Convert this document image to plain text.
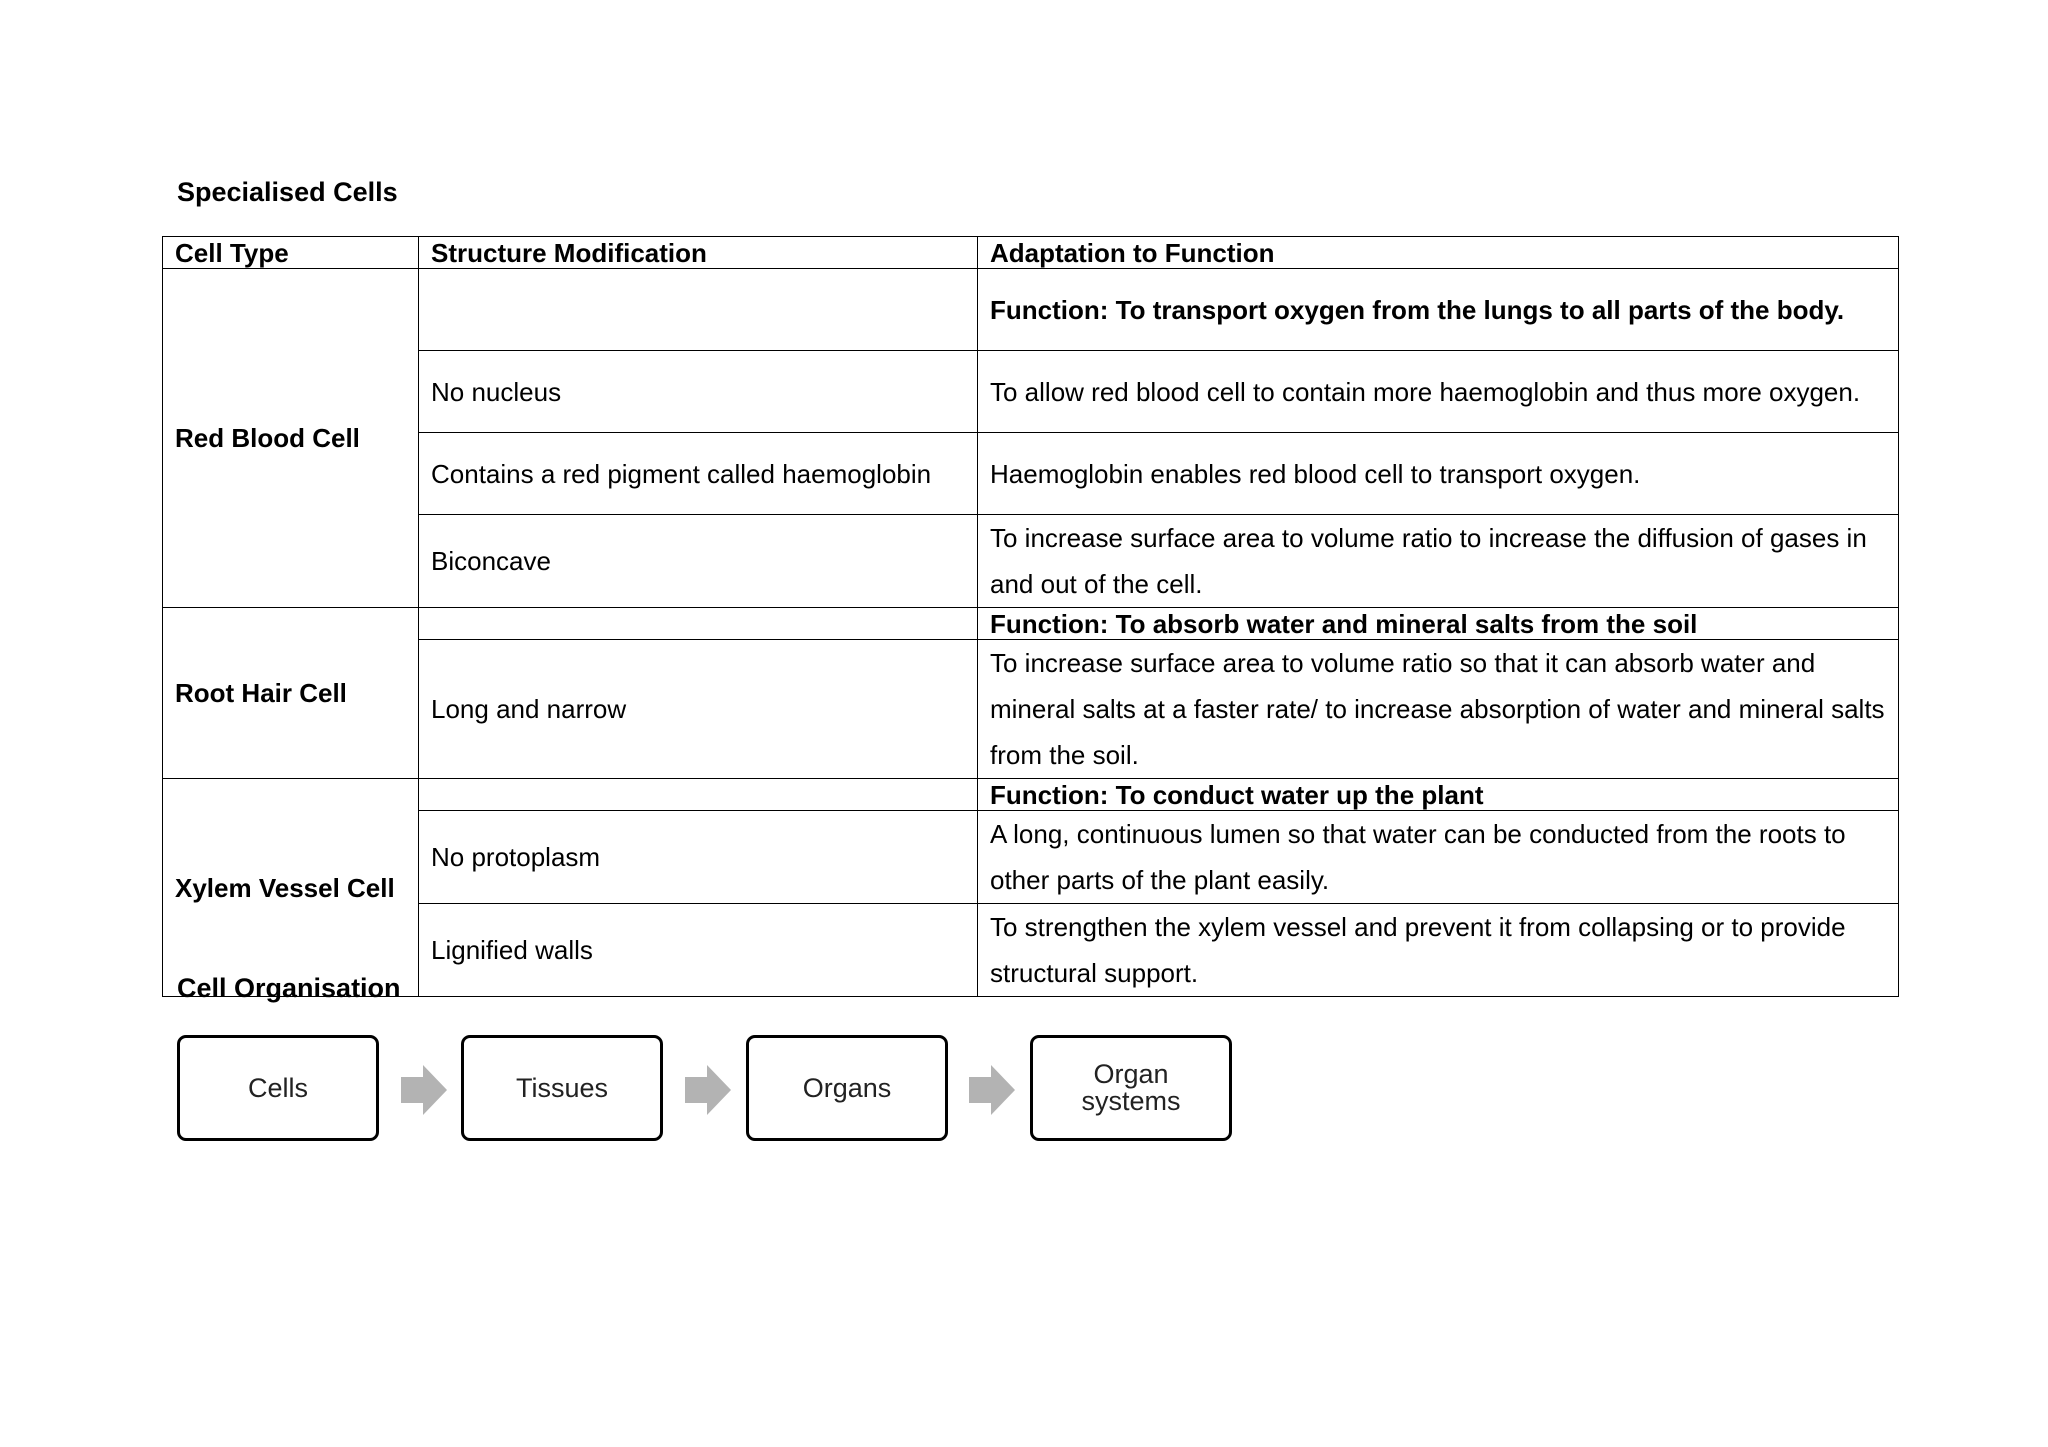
Specialised Cells
Cell Type	Structure Modification	Adaptation to Function
Red Blood Cell		Function: To transport oxygen from the lungs to all parts of the body.
	No nucleus	To allow red blood cell to contain more haemoglobin and thus more oxygen.
	Contains a red pigment called haemoglobin	Haemoglobin enables red blood cell to transport oxygen.
	Biconcave	To increase surface area to volume ratio to increase the diffusion of gases in and out of the cell.
Root Hair Cell		Function: To absorb water and mineral salts from the soil
	Long and narrow	To increase surface area to volume ratio so that it can absorb water and mineral salts at a faster rate/ to increase absorption of water and mineral salts from the soil.
Xylem Vessel Cell		Function: To conduct water up the plant
	No protoplasm	A long, continuous lumen so that water can be conducted from the roots to other parts of the plant easily.
	Lignified walls	To strengthen the xylem vessel and prevent it from collapsing or to provide structural support.
Cell Organisation
Cells	Tissues	Organs	Organ systems
